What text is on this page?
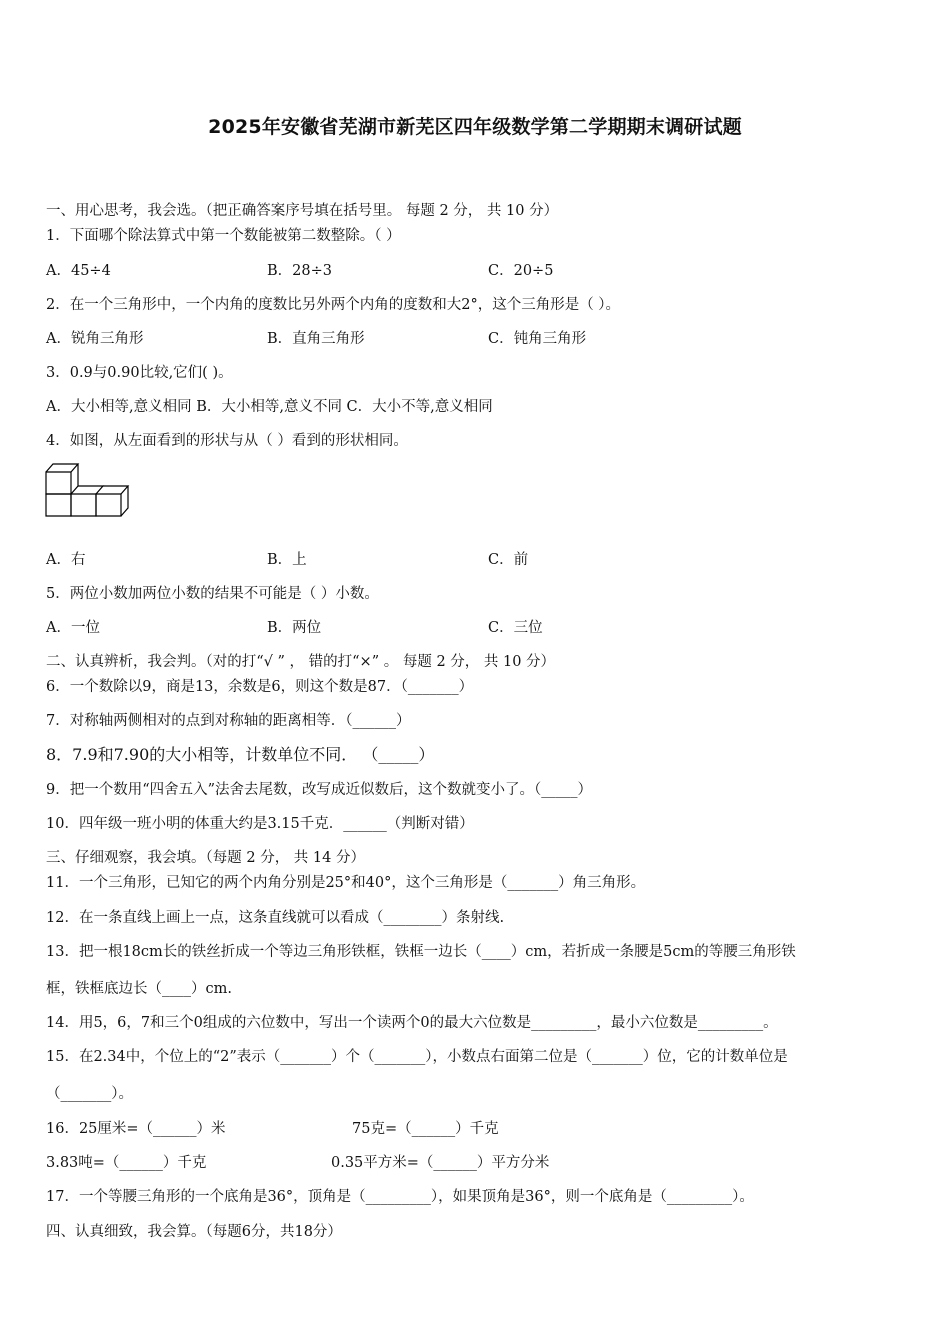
2025年安徽省芜湖市新芜区四年级数学第二学期期末调研试题
一、用心思考，我会选。（把正确答案序号填在括号里。 每题 2 分， 共 10 分）
1．下面哪个除法算式中第一个数能被第二数整除。（ ）
A．45÷4	B．28÷3	C．20÷5
2．在一个三角形中，一个内角的度数比另外两个内角的度数和大2°，这个三角形是（ ）。
A．锐角三角形	B．直角三角形	C．钝角三角形
3．0.9与0.90比较,它们( )。
A．大小相等,意义相同 B．大小相等,意义不同 C．大小不等,意义相同
4．如图，从左面看到的形状与从（ ）看到的形状相同。
A．右	B．上	C．前
5．两位小数加两位小数的结果不可能是（ ）小数。
A．一位	B．两位	C．三位
二、认真辨析，我会判。（对的打“√ ” ， 错的打“×” 。 每题 2 分， 共 10 分）
6．一个数除以9，商是13，余数是6，则这个数是87．（_______）
7．对称轴两侧相对的点到对称轴的距离相等．（______）
8．7.9和7.90的大小相等，计数单位不同． （_____）
9．把一个数用“四舍五入”法舍去尾数，改写成近似数后，这个数就变小了。（_____）
10．四年级一班小明的体重大约是3.15千克．______（判断对错）
三、仔细观察，我会填。（每题 2 分， 共 14 分）
11．一个三角形，已知它的两个内角分别是25°和40°，这个三角形是（_______）角三角形。
12．在一条直线上画上一点，这条直线就可以看成（________）条射线.
13．把一根18cm长的铁丝折成一个等边三角形铁框，铁框一边长（____）cm，若折成一条腰是5cm的等腰三角形铁
框，铁框底边长（____）cm.
14．用5，6，7和三个0组成的六位数中，写出一个读两个0的最大六位数是_________，最小六位数是_________。
15．在2.34中，个位上的“2”表示（_______）个（_______），小数点右面第二位是（_______）位，它的计数单位是
（_______）。
16．25厘米=（______）米	75克=（______）千克
3.83吨=（______）千克	0.35平方米=（______）平方分米
17．一个等腰三角形的一个底角是36°，顶角是（_________），如果顶角是36°，则一个底角是（_________）。
四、认真细致，我会算。（每题6分，共18分）
